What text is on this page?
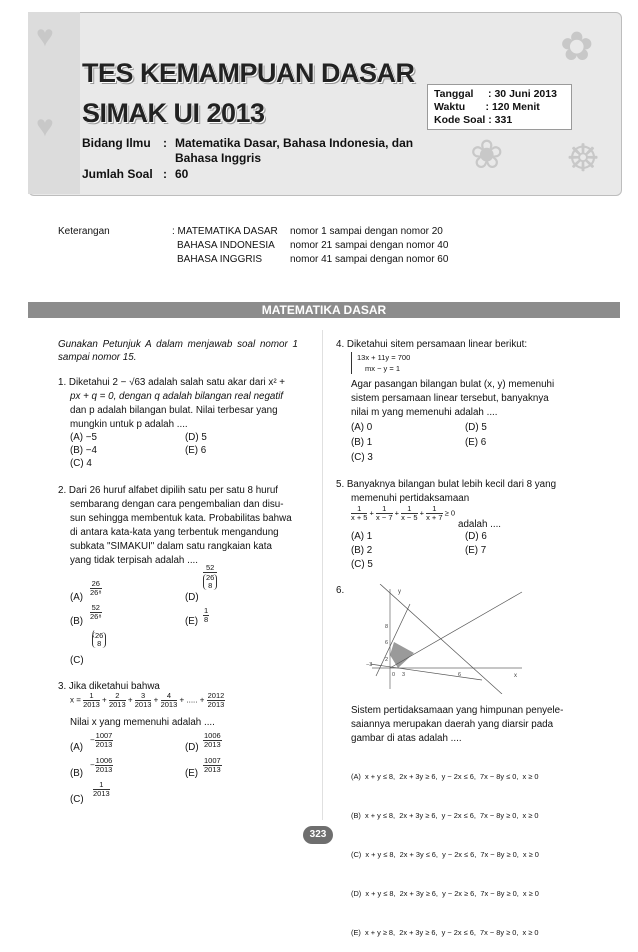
♥
♥
✿
❀ ☸
TES KEMAMPUAN DASAR
SIMAK UI 2013
Bidang Ilmu : Matematika Dasar, Bahasa Indonesia, dan
Bahasa Inggris
Jumlah Soal : 60
Tanggal     : 30 Juni 2013
Waktu       : 120 Menit
Kode Soal : 331
Keterangan	: MATEMATIKA DASAR nomor 1 sampai dengan nomor 20
BAHASA INDONESIA nomor 21 sampai dengan nomor 40
BAHASA INGGRIS	nomor 41 sampai dengan nomor 60
MATEMATIKA DASAR
Gunakan Petunjuk A dalam menjawab soal nomor 1 sampai nomor 15.
1. Diketahui 2 − √63 adalah salah satu akar dari x² +
px + q = 0, dengan q adalah bilangan real negatif
dan p adalah bilangan bulat. Nilai terbesar yang
mungkin untuk p adalah ....
(A) −5
(B) −4
(C) 4
(D) 5
(E) 6
2. Dari 26 huruf alfabet dipilih satu per satu 8 huruf
sembarang dengan cara pengembalian dan disu-
sun sehingga membentuk kata. Probabilitas bahwa
di antara kata-kata yang terbentuk mengandung
subkata "SIMAKUI" dalam satu rangkaian kata
yang tidak terpisah adalah ....
(A)
$\frac{26}{\text{26⁸}}$
(B)
$\frac{52}{\text{26⁸}}$
(C)
( 26
8
(D)
52
26
8
$(E) \frac{1}{8}$
3. Jika diketahui bahwa
$x = \frac{1}{2013} + \frac{2}{2013} + \frac{3}{2013} + \frac{4}{2013}$ + ..... + $\frac{2012}{2013}$
Nilai x yang memenuhi adalah ....
(A)
− $\frac{1007}{2013}$
(B)
− $\frac{1006}{2013}$
(C)
$\frac{1}{2013}$
$(D) \frac{1006}{2013}$
$(E) \frac{1007}{2013}$
4. Diketahui sitem persamaan linear berikut:
13x + 11y = 700
mx − y = 1
Agar pasangan bilangan bulat (x, y) memenuhi
sistem persamaan linear tersebut, banyaknya
nilai m yang memenuhi adalah ....
(A) 0
(B) 1
(C) 3
(D) 5
(E) 6
5. Banyaknya bilangan bulat lebih kecil dari 8 yang
memenuhi pertidaksamaan
$\frac{1}{x + 5} + \frac{1}{x - 7} + \frac{1}{x - 5} + \frac{1}{x + 7} \ge 0$
adalah ....
(A) 1
(B) 2
(C) 5
(D) 6
(E) 7
6.	y
x
8
6
2
−3
0 3	6
Sistem pertidaksamaan yang himpunan penyele-
saiannya merupakan daerah yang diarsir pada
gambar di atas adalah ....

(A)  x + y ≤ 8,  2x + 3y ≥ 6,  y − 2x ≤ 6,  7x − 8y ≤ 0,  x ≥ 0

(B)  x + y ≤ 8,  2x + 3y ≥ 6,  y − 2x ≤ 6,  7x − 8y ≥ 0,  x ≥ 0

(C)  x + y ≤ 8,  2x + 3y ≤ 6,  y − 2x ≤ 6,  7x − 8y ≥ 0,  x ≥ 0

(D)  x + y ≤ 8,  2x + 3y ≥ 6,  y − 2x ≥ 6,  7x − 8y ≥ 0,  x ≥ 0

(E)  x + y ≥ 8,  2x + 3y ≥ 6,  y − 2x ≤ 6,  7x − 8y ≥ 0,  x ≥ 0

323
